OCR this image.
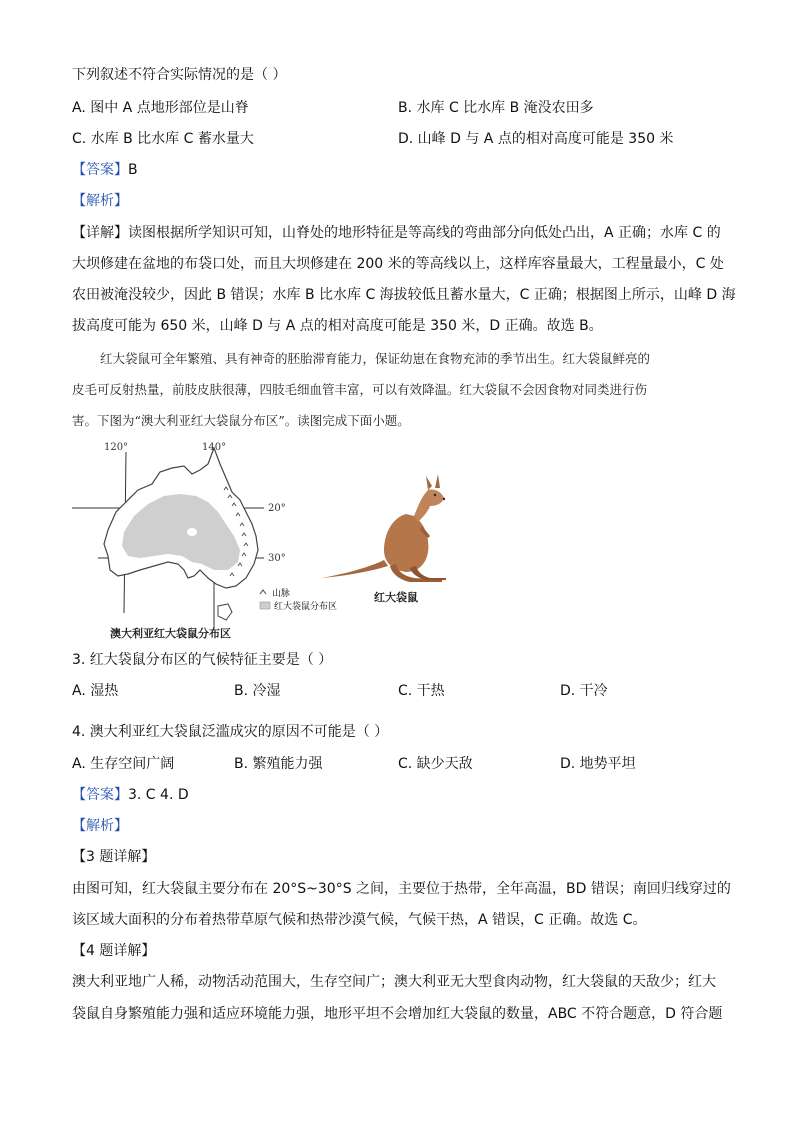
下列叙述不符合实际情况的是（ ）
A. 图中 A 点地形部位是山脊	B. 水库 C 比水库 B 淹没农田多
C. 水库 B 比水库 C 蓄水量大	D. 山峰 D 与 A 点的相对高度可能是 350 米
【答案】B
【解析】
【详解】读图根据所学知识可知，山脊处的地形特征是等高线的弯曲部分向低处凸出，A 正确；水库 C 的
大坝修建在盆地的布袋口处，而且大坝修建在 200 米的等高线以上，这样库容量最大，工程量最小，C 处
农田被淹没较少，因此 B 错误；水库 B 比水库 C 海拔较低且蓄水量大，C 正确；根据图上所示，山峰 D 海
拔高度可能为 650 米，山峰 D 与 A 点的相对高度可能是 350 米，D 正确。故选 B。
红大袋鼠可全年繁殖、具有神奇的胚胎滞育能力，保证幼崽在食物充沛的季节出生。红大袋鼠鲜亮的
皮毛可反射热量，前肢皮肤很薄，四肢毛细血管丰富，可以有效降温。红大袋鼠不会因食物对同类进行伤
害。下图为“澳大利亚红大袋鼠分布区”。读图完成下面小题。
120°	140°
20°
30°
山脉
红大袋鼠分布区
澳大利亚红大袋鼠分布区
红大袋鼠
3. 红大袋鼠分布区的气候特征主要是（ ）
A. 湿热	B. 冷湿	C. 干热	D. 干冷
4. 澳大利亚红大袋鼠泛滥成灾的原因不可能是（ ）
A. 生存空间广阔	B. 繁殖能力强	C. 缺少天敌	D. 地势平坦
【答案】3. C 4. D
【解析】
【3 题详解】
由图可知，红大袋鼠主要分布在 20°S~30°S 之间，主要位于热带，全年高温，BD 错误；南回归线穿过的
该区域大面积的分布着热带草原气候和热带沙漠气候，气候干热，A 错误，C 正确。故选 C。
【4 题详解】
澳大利亚地广人稀，动物活动范围大，生存空间广；澳大利亚无大型食肉动物，红大袋鼠的天敌少；红大
袋鼠自身繁殖能力强和适应环境能力强，地形平坦不会增加红大袋鼠的数量，ABC 不符合题意，D 符合题
